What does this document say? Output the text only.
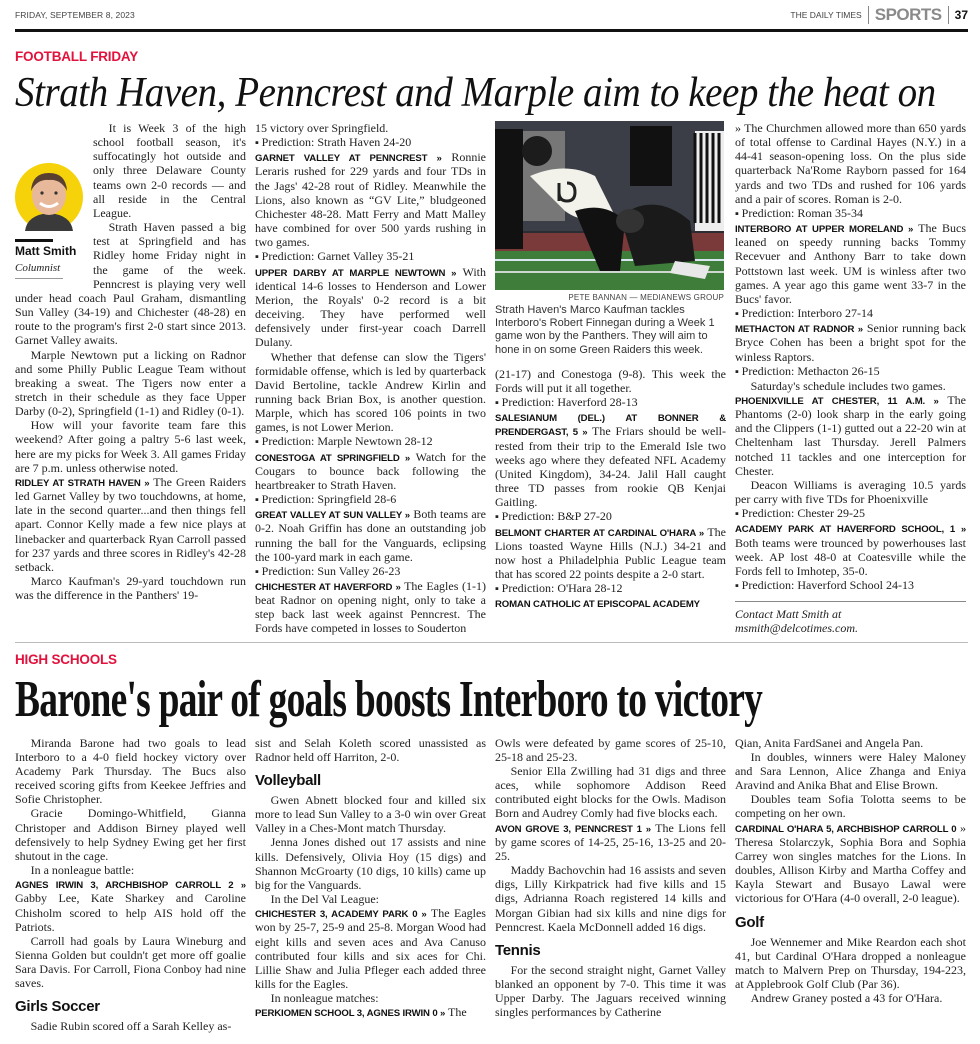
FRIDAY, SEPTEMBER 8, 2023	THE DAILY TIMES SPORTS 37
FOOTBALL FRIDAY
Strath Haven, Penncrest and Marple aim to keep the heat on
Matt Smith
Columnist

It is Week 3 of the high school football season, it's suffocatingly hot outside and only three Delaware County teams own 2-0 records — and all reside in the Central League.

Strath Haven passed a big test at Springfield and has Ridley home Friday night in the game of the week. Penncrest is playing very well under head coach Paul Graham, dismantling Sun Valley (34-19) and Chichester (48-28) en route to the program's first 2-0 start since 2013. Garnet Valley awaits.

Marple Newtown put a licking on Radnor and some Philly Public League Team without breaking a sweat. The Tigers now enter a stretch in their schedule as they face Upper Darby (0-2), Springfield (1-1) and Ridley (0-1).

How will your favorite team fare this weekend? After going a paltry 5-6 last week, here are my picks for Week 3. All games Friday are 7 p.m. unless otherwise noted.

RIDLEY AT STRATH HAVEN » The Green Raiders led Garnet Valley by two touchdowns, at home, late in the second quarter...and then things fell apart. Connor Kelly made a few nice plays at linebacker and quarterback Ryan Carroll passed for 237 yards and three scores in Ridley's 42-28 setback.

Marco Kaufman's 29-yard touchdown run was the difference in the Panthers' 19-

15 victory over Springfield.

▪ Prediction: Strath Haven 24-20

GARNET VALLEY AT PENNCREST » Ronnie Leraris rushed for 229 yards and four TDs in the Jags' 42-28 rout of Ridley. Meanwhile the Lions, also known as “GV Lite,” bludgeoned Chichester 48-28. Matt Ferry and Matt Malley have combined for over 500 yards rushing in two games.

▪ Prediction: Garnet Valley 35-21

UPPER DARBY AT MARPLE NEWTOWN » With identical 14-6 losses to Henderson and Lower Merion, the Royals' 0-2 record is a bit deceiving. They have performed well defensively under first-year coach Darrell Dulany.

Whether that defense can slow the Tigers' formidable offense, which is led by quarterback David Bertoline, tackle Andrew Kirlin and running back Brian Box, is another question. Marple, which has scored 106 points in two games, is not Lower Merion.

▪ Prediction: Marple Newtown 28-12

CONESTOGA AT SPRINGFIELD » Watch for the Cougars to bounce back following the heartbreaker to Strath Haven.

▪ Prediction: Springfield 28-6

GREAT VALLEY AT SUN VALLEY » Both teams are 0-2. Noah Griffin has done an outstanding job running the ball for the Vanguards, eclipsing the 100-yard mark in each game.

▪ Prediction: Sun Valley 26-23

CHICHESTER AT HAVERFORD » The Eagles (1-1) beat Radnor on opening night, only to take a step back last week against Penncrest. The Fords have competed in losses to Souderton

PETE BANNAN — MEDIANEWS GROUP
Strath Haven's Marco Kaufman tackles Interboro's Robert Finnegan during a Week 1 game won by the Panthers. They will aim to hone in on some Green Raiders this week.

(21-17) and Conestoga (9-8). This week the Fords will put it all together.

▪ Prediction: Haverford 28-13

SALESIANUM (DEL.) AT BONNER & PRENDERGAST, 5 » The Friars should be well-rested from their trip to the Emerald Isle two weeks ago where they defeated NFL Academy (United Kingdom), 34-24. Jalil Hall caught three TD passes from rookie QB Kenjai Gaitling.

▪ Prediction: B&P 27-20

BELMONT CHARTER AT CARDINAL O'HARA » The Lions toasted Wayne Hills (N.J.) 34-21 and now host a Philadelphia Public League team that has scored 22 points despite a 2-0 start.

▪ Prediction: O'Hara 28-12

ROMAN CATHOLIC AT EPISCOPAL ACADEMY

» The Churchmen allowed more than 650 yards of total offense to Cardinal Hayes (N.Y.) in a 44-41 season-opening loss. On the plus side quarterback Na'Rome Rayborn passed for 164 yards and two TDs and rushed for 106 yards and a pair of scores. Roman is 2-0.

▪ Prediction: Roman 35-34

INTERBORO AT UPPER MORELAND » The Bucs leaned on speedy running backs Tommy Recevuer and Anthony Barr to take down Pottstown last week. UM is winless after two games. A year ago this game went 33-7 in the Bucs' favor.

▪ Prediction: Interboro 27-14

METHACTON AT RADNOR » Senior running back Bryce Cohen has been a bright spot for the winless Raptors.

▪ Prediction: Methacton 26-15

Saturday's schedule includes two games.

PHOENIXVILLE AT CHESTER, 11 A.M. » The Phantoms (2-0) look sharp in the early going and the Clippers (1-1) gutted out a 22-20 win at Cheltenham last Thursday. Jerell Palmers notched 11 tackles and one interception for Chester.

Deacon Williams is averaging 10.5 yards per carry with five TDs for Phoenixville

▪ Prediction: Chester 29-25

ACADEMY PARK AT HAVERFORD SCHOOL, 1 » Both teams were trounced by powerhouses last week. AP lost 48-0 at Coatesville while the Fords fell to Imhotep, 35-0.

▪ Prediction: Haverford School 24-13

Contact Matt Smith at msmith@delcotimes.com.

HIGH SCHOOLS
Barone's pair of goals boosts Interboro to victory

Miranda Barone had two goals to lead Interboro to a 4-0 field hockey victory over Academy Park Thursday. The Bucs also received scoring gifts from Keekee Jeffries and Sofie Christopher.

Gracie Domingo-Whitfield, Gianna Christoper and Addison Birney played well defensively to help Sydney Ewing get her first shutout in the cage.

In a nonleague battle:

AGNES IRWIN 3, ARCHBISHOP CARROLL 2 » Gabby Lee, Kate Sharkey and Caroline Chisholm scored to help AIS hold off the Patriots.

Carroll had goals by Laura Wineburg and Sienna Golden but couldn't get more off goalie Sara Davis. For Carroll, Fiona Conboy had nine saves.

Girls Soccer

Sadie Rubin scored off a Sarah Kelley as-

sist and Selah Koleth scored unassisted as Radnor held off Harriton, 2-0.

Volleyball

Gwen Abnett blocked four and killed six more to lead Sun Valley to a 3-0 win over Great Valley in a Ches-Mont match Thursday.

Jenna Jones dished out 17 assists and nine kills. Defensively, Olivia Hoy (15 digs) and Shannon McGroarty (10 digs, 10 kills) came up big for the Vanguards.

In the Del Val League:

CHICHESTER 3, ACADEMY PARK 0 » The Eagles won by 25-7, 25-9 and 25-8. Morgan Wood had eight kills and seven aces and Ava Canuso contributed four kills and six aces for Chi. Lillie Shaw and Julia Pfleger each added three kills for the Eagles.

In nonleague matches:

PERKIOMEN SCHOOL 3, AGNES IRWIN 0 » The

Owls were defeated by game scores of 25-10, 25-18 and 25-23.

Senior Ella Zwilling had 31 digs and three aces, while sophomore Addison Reed contributed eight blocks for the Owls. Madison Born and Audrey Comly had five blocks each.

AVON GROVE 3, PENNCREST 1 » The Lions fell by game scores of 14-25, 25-16, 13-25 and 20-25.

Maddy Bachovchin had 16 assists and seven digs, Lilly Kirkpatrick had five kills and 15 digs, Adrianna Roach registered 14 kills and Morgan Gibian had six kills and nine digs for Penncrest. Kaela McDonnell added 16 digs.

Tennis

For the second straight night, Garnet Valley blanked an opponent by 7-0. This time it was Upper Darby. The Jaguars received winning singles performances by Catherine

Qian, Anita FardSanei and Angela Pan.

In doubles, winners were Haley Maloney and Sara Lennon, Alice Zhanga and Eniya Aravind and Anika Bhat and Elise Brown.

Doubles team Sofia Tolotta seems to be competing on her own.

CARDINAL O'HARA 5, ARCHBISHOP CARROLL 0 » Theresa Stolarczyk, Sophia Bora and Sophia Carrey won singles matches for the Lions. In doubles, Allison Kirby and Martha Coffey and Kayla Stewart and Busayo Lawal were victorious for O'Hara (4-0 overall, 2-0 league).

Golf

Joe Wennemer and Mike Reardon each shot 41, but Cardinal O'Hara dropped a nonleague match to Malvern Prep on Thursday, 194-223, at Applebrook Golf Club (Par 36).

Andrew Graney posted a 43 for O'Hara.
